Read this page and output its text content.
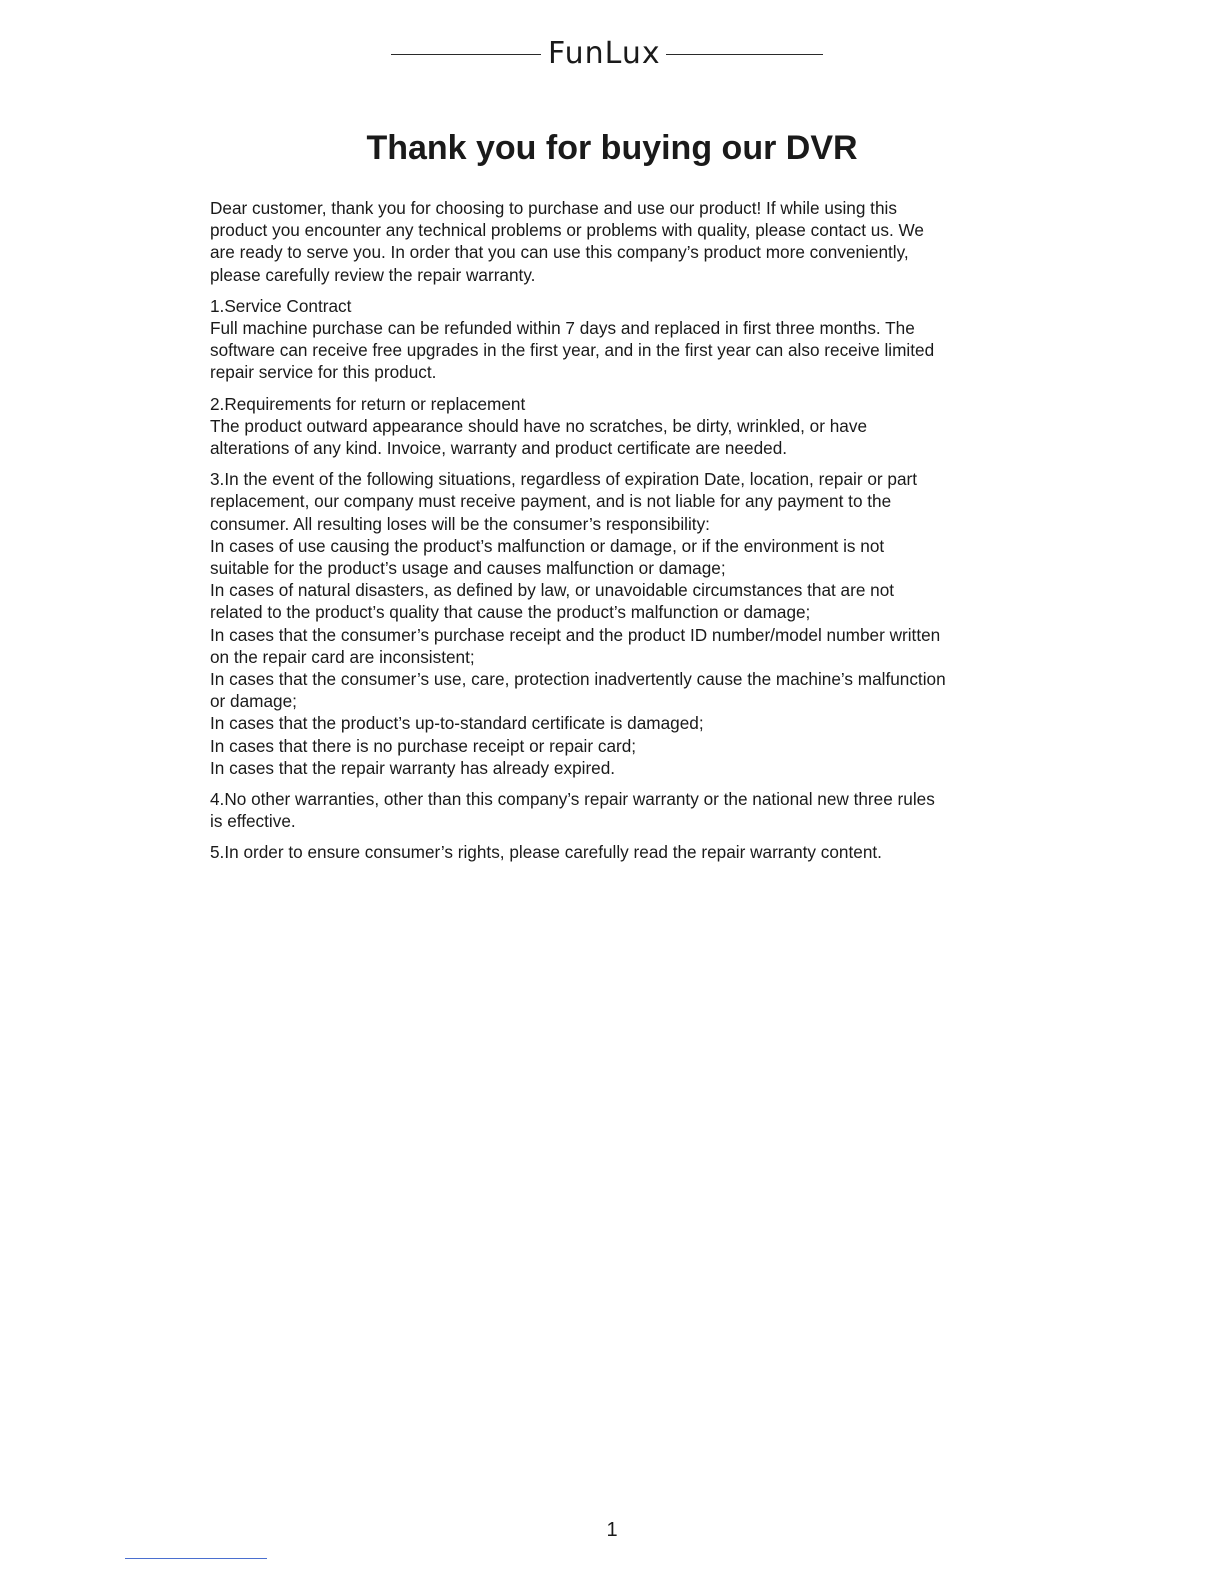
FunLux
Thank you for buying our DVR

Dear customer, thank you for choosing to purchase and use our product! If while using this
product you encounter any technical problems or problems with quality, please contact us. We
are ready to serve you. In order that you can use this company’s product more conveniently,
please carefully review the repair warranty.

1.Service Contract
Full machine purchase can be refunded within 7 days and replaced in first three months. The
software can receive free upgrades in the first year, and in the first year can also receive limited
repair service for this product.

2.Requirements for return or replacement
The product outward appearance should have no scratches, be dirty, wrinkled, or have
alterations of any kind. Invoice, warranty and product certificate are needed.

3.In the event of the following situations, regardless of expiration Date, location, repair or part
replacement, our company must receive payment, and is not liable for any payment to the
consumer. All resulting loses will be the consumer’s responsibility:
In cases of use causing the product’s malfunction or damage, or if the environment is not
suitable for the product’s usage and causes malfunction or damage;
In cases of natural disasters, as defined by law, or unavoidable circumstances that are not
related to the product’s quality that cause the product’s malfunction or damage;
In cases that the consumer’s purchase receipt and the product ID number/model number written
on the repair card are inconsistent;
In cases that the consumer’s use, care, protection inadvertently cause the machine’s malfunction
or damage;
In cases that the product’s up-to-standard certificate is damaged;
In cases that there is no purchase receipt or repair card;
In cases that the repair warranty has already expired.

4.No other warranties, other than this company’s repair warranty or the national new three rules
is effective.

5.In order to ensure consumer’s rights, please carefully read the repair warranty content.

1
